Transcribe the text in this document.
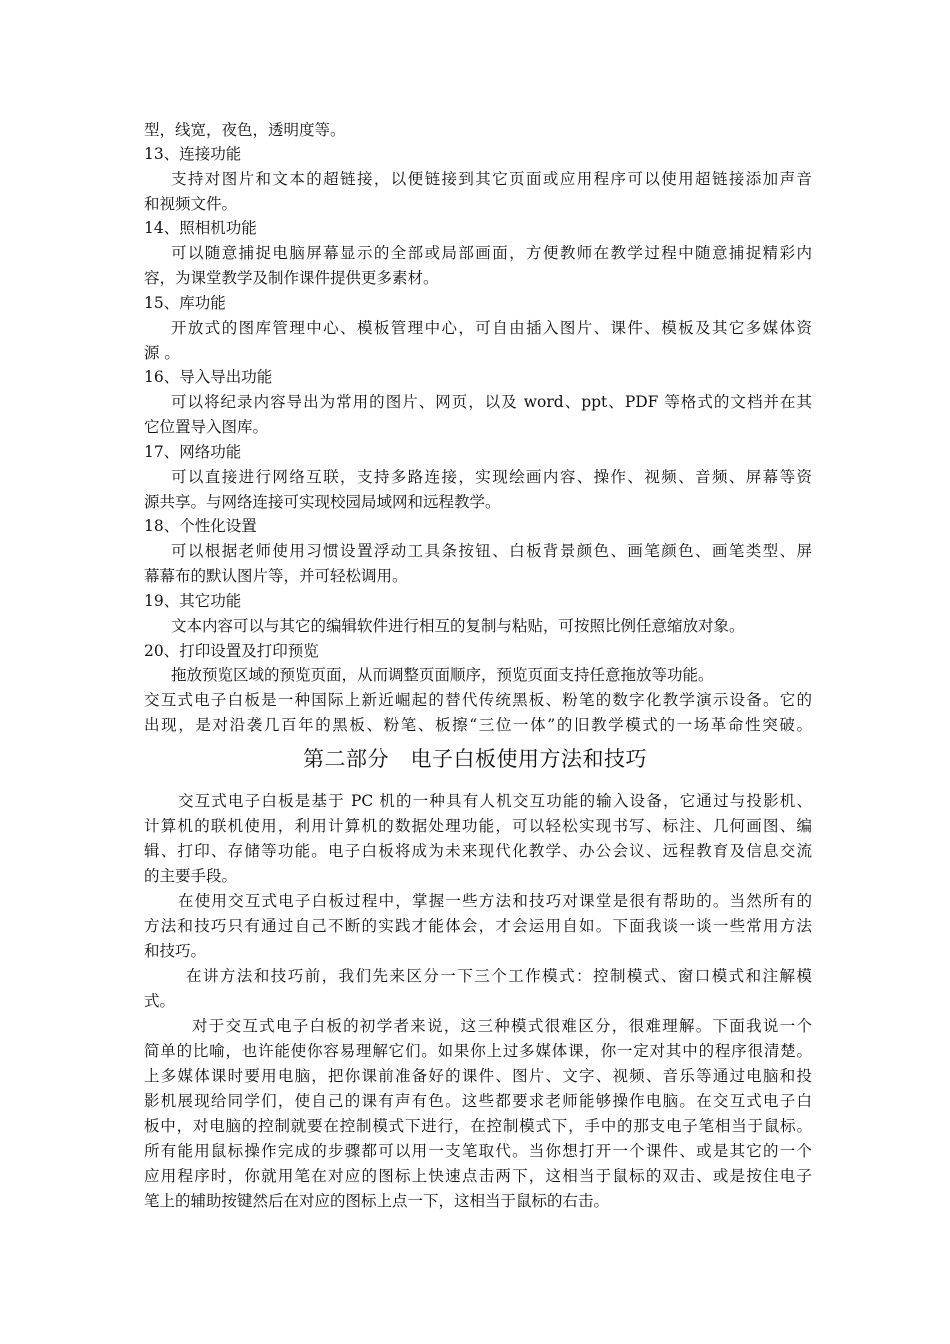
型，线宽，夜色，透明度等。
13、连接功能
支持对图片和文本的超链接，以便链接到其它页面或应用程序可以使用超链接添加声音
和视频文件。
14、照相机功能
可以随意捕捉电脑屏幕显示的全部或局部画面，方便教师在教学过程中随意捕捉精彩内
容，为课堂教学及制作课件提供更多素材。
15、库功能
开放式的图库管理中心、模板管理中心，可自由插入图片、课件、模板及其它多媒体资
源 。
16、导入导出功能
可以将纪录内容导出为常用的图片、网页，以及 word、ppt、PDF 等格式的文档并在其
它位置导入图库。
17、网络功能
可以直接进行网络互联，支持多路连接，实现绘画内容、操作、视频、音频、屏幕等资
源共享。与网络连接可实现校园局域网和远程教学。
18、个性化设置
可以根据老师使用习惯设置浮动工具条按钮、白板背景颜色、画笔颜色、画笔类型、屏
幕幕布的默认图片等，并可轻松调用。
19、其它功能
文本内容可以与其它的编辑软件进行相互的复制与粘贴，可按照比例任意缩放对象。
20、打印设置及打印预览
拖放预览区域的预览页面，从而调整页面顺序，预览页面支持任意拖放等功能。
交互式电子白板是一种国际上新近崛起的替代传统黑板、粉笔的数字化教学演示设备。它的
出现，是对沿袭几百年的黑板、粉笔、板擦“三位一体”的旧教学模式的一场革命性突破。
第二部分　电子白板使用方法和技巧
交互式电子白板是基于 PC 机的一种具有人机交互功能的输入设备，它通过与投影机、
计算机的联机使用，利用计算机的数据处理功能，可以轻松实现书写、标注、几何画图、编
辑、打印、存储等功能。电子白板将成为未来现代化教学、办公会议、远程教育及信息交流
的主要手段。
在使用交互式电子白板过程中，掌握一些方法和技巧对课堂是很有帮助的。当然所有的
方法和技巧只有通过自己不断的实践才能体会，才会运用自如。下面我谈一谈一些常用方法
和技巧。
在讲方法和技巧前，我们先来区分一下三个工作模式：控制模式、窗口模式和注解模
式。
对于交互式电子白板的初学者来说，这三种模式很难区分，很难理解。下面我说一个
简单的比喻，也许能使你容易理解它们。如果你上过多媒体课，你一定对其中的程序很清楚。
上多媒体课时要用电脑，把你课前准备好的课件、图片、文字、视频、音乐等通过电脑和投
影机展现给同学们，使自己的课有声有色。这些都要求老师能够操作电脑。在交互式电子白
板中，对电脑的控制就要在控制模式下进行，在控制模式下，手中的那支电子笔相当于鼠标。
所有能用鼠标操作完成的步骤都可以用一支笔取代。当你想打开一个课件、或是其它的一个
应用程序时，你就用笔在对应的图标上快速点击两下，这相当于鼠标的双击、或是按住电子
笔上的辅助按键然后在对应的图标上点一下，这相当于鼠标的右击。
